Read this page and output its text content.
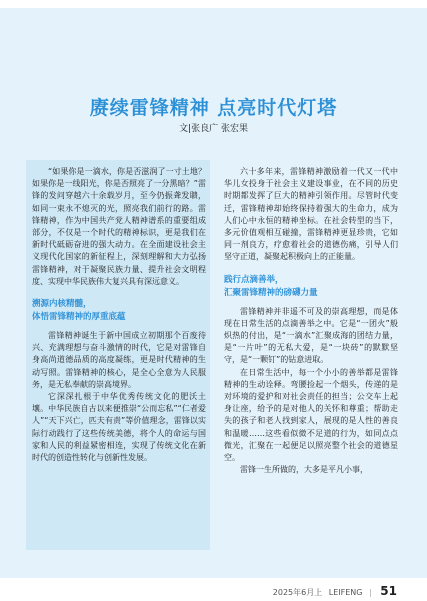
赓续雷锋精神 点亮时代灯塔
文|张良广 张宏果

“如果你是一滴水，你是否滋润了一寸土地？如果你是一线阳光，你是否照亮了一分黑暗？”雷锋的发问穿越六十余载岁月，至今仍振聋发聩，如同一束永不熄灭的光，照亮我们前行的路。雷锋精神，作为中国共产党人精神谱系的重要组成部分，不仅是一个时代的精神标识，更是我们在新时代砥砺奋进的强大动力。在全面建设社会主义现代化国家的新征程上，深刻理解和大力弘扬雷锋精神，对于凝聚民族力量、提升社会文明程度、实现中华民族伟大复兴具有深远意义。

溯源内核精髓，
体悟雷锋精神的厚重底蕴

雷锋精神诞生于新中国成立初期那个百废待兴、充满理想与奋斗激情的时代，它是对雷锋自身高尚道德品质的高度凝练，更是时代精神的生动写照。雷锋精神的核心，是全心全意为人民服务，是无私奉献的崇高境界。

它深深扎根于中华优秀传统文化的肥沃土壤。中华民族自古以来便推崇“公而忘私”“仁者爱人”“天下兴亡，匹夫有责”等价值理念，雷锋以实际行动践行了这些传统美德，将个人的命运与国家和人民的利益紧密相连，实现了传统文化在新时代的创造性转化与创新性发展。

六十多年来，雷锋精神激励着一代又一代中华儿女投身于社会主义建设事业，在不同的历史时期都发挥了巨大的精神引领作用。尽管时代变迁，雷锋精神却始终保持着强大的生命力，成为人们心中永恒的精神坐标。在社会转型的当下，多元价值观相互碰撞，雷锋精神更显珍贵，它如同一剂良方，疗愈着社会的道德伤痛，引导人们坚守正道，凝聚起积极向上的正能量。

践行点滴善举，
汇聚雷锋精神的磅礴力量

雷锋精神并非遥不可及的崇高理想，而是体现在日常生活的点滴善举之中。它是“一团火”般炽热的付出，是“一滴水”汇聚成海的团结力量，是“一片叶”的无私大爱，是“一块砖”的默默坚守，是“一颗钉”的钻意进取。

在日常生活中，每一个小小的善举都是雷锋精神的生动诠释。弯腰捡起一个烟头，传递的是对环境的爱护和对社会责任的担当；公交车上起身让座，给予的是对他人的关怀和尊重；帮助走失的孩子和老人找到家人，展现的是人性的善良和温暖……这些看似微不足道的行为，如同点点微光，汇聚在一起便足以照亮整个社会的道德星空。

雷锋一生所做的，大多是平凡小事，

2025年6月上 LEIFENG | 51
